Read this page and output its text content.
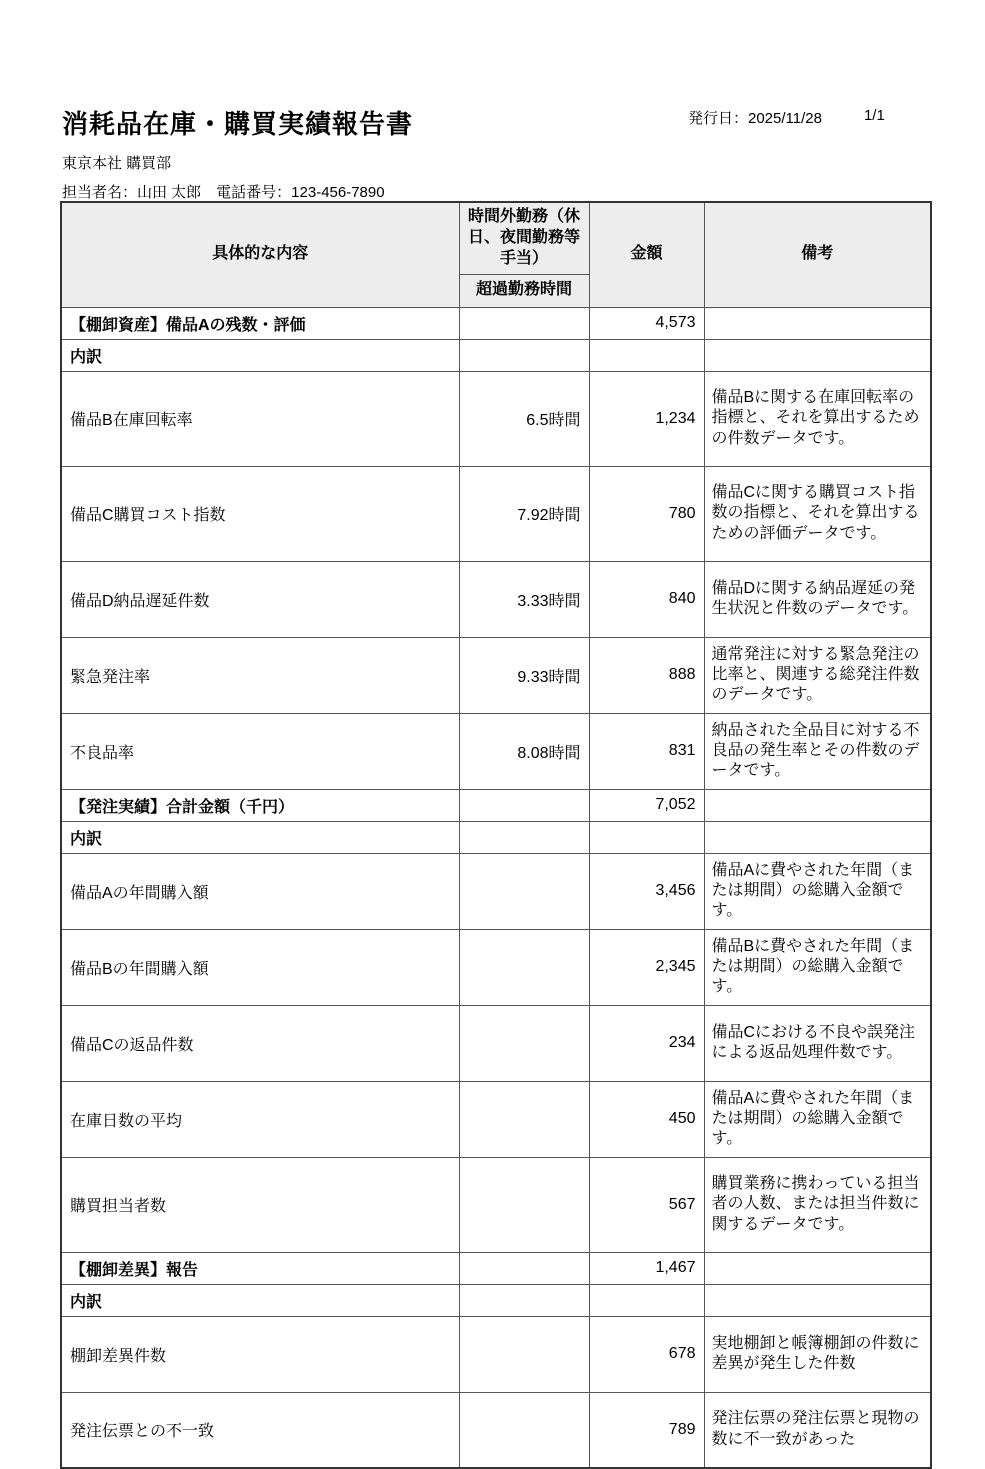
消耗品在庫・購買実績報告書	発行日：2025/11/28	1/1
東京本社 購買部
担当者名：山田 太郎　電話番号：123-456-7890
具体的な内容	時間外勤務（休日、夜間勤務等手当）	金額	備考
	超過勤務時間		
【棚卸資産】備品Aの残数・評価		4,573	
内訳			
備品B在庫回転率	6.5時間	1,234	備品Bに関する在庫回転率の指標と、それを算出するための件数データです。
備品C購買コスト指数	7.92時間	780	備品Cに関する購買コスト指数の指標と、それを算出するための評価データです。
備品D納品遅延件数	3.33時間	840	備品Dに関する納品遅延の発生状況と件数のデータです。
緊急発注率	9.33時間	888	通常発注に対する緊急発注の比率と、関連する総発注件数のデータです。
不良品率	8.08時間	831	納品された全品目に対する不良品の発生率とその件数のデータです。
【発注実績】合計金額（千円）		7,052	
内訳			
備品Aの年間購入額		3,456	備品Aに費やされた年間（または期間）の総購入金額です。
備品Bの年間購入額		2,345	備品Bに費やされた年間（または期間）の総購入金額です。
備品Cの返品件数		234	備品Cにおける不良や誤発注による返品処理件数です。
在庫日数の平均		450	備品Aに費やされた年間（または期間）の総購入金額です。
購買担当者数		567	購買業務に携わっている担当者の人数、または担当件数に関するデータです。
【棚卸差異】報告		1,467	
内訳			
棚卸差異件数		678	実地棚卸と帳簿棚卸の件数に差異が発生した件数
発注伝票との不一致		789	発注伝票の発注伝票と現物の数に不一致があった
